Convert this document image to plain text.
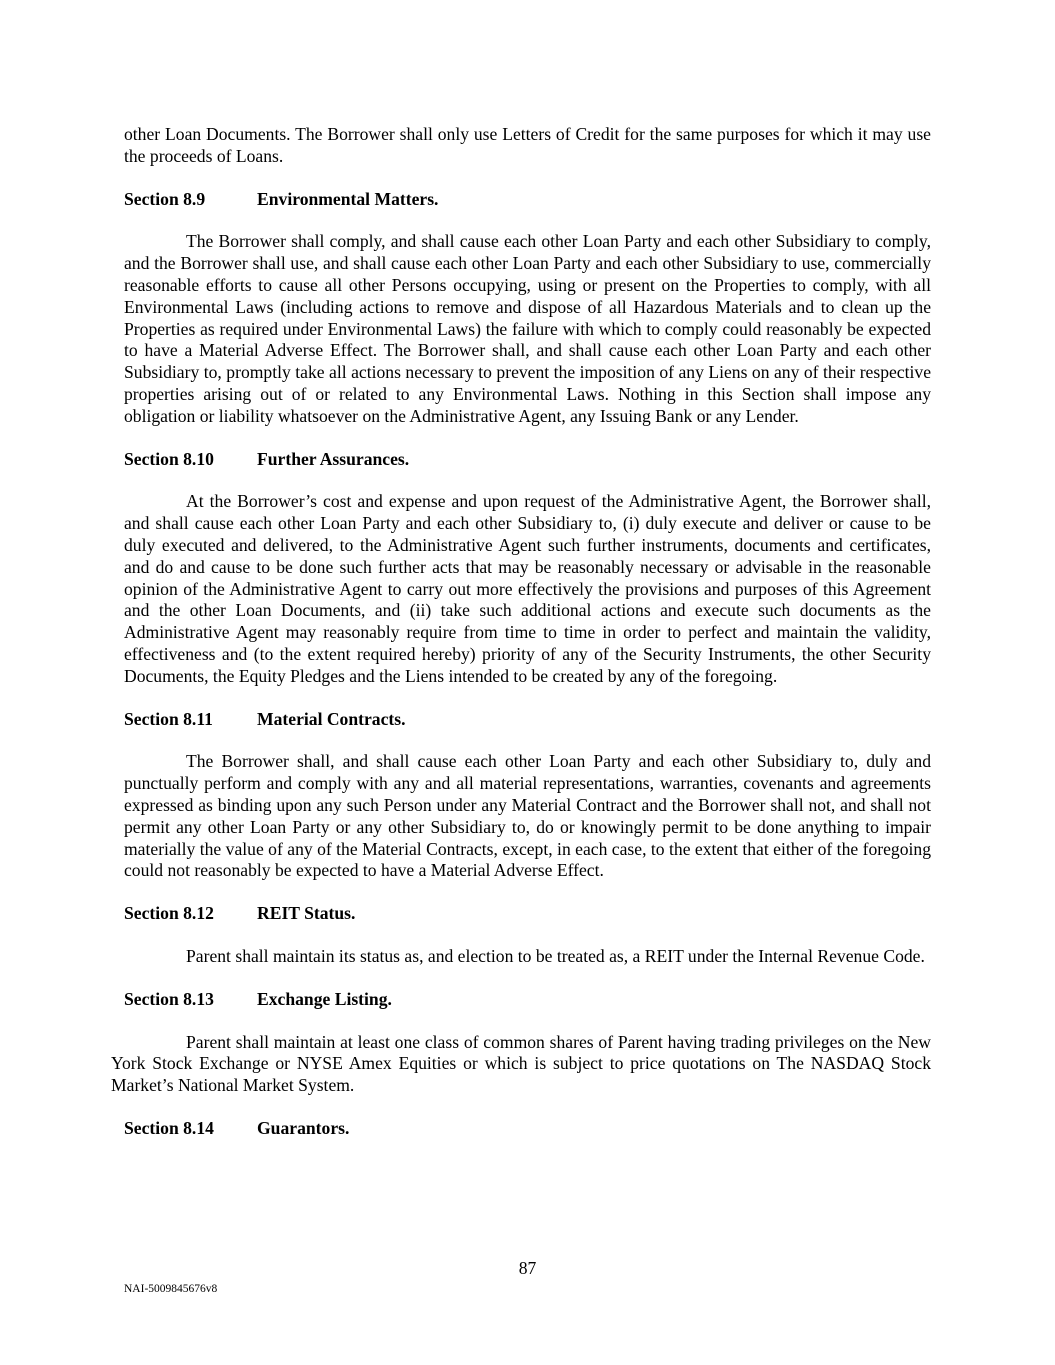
other Loan Documents. The Borrower shall only use Letters of Credit for the same purposes for which it may use the proceeds of Loans.

Section 8.9	Environmental Matters.

The Borrower shall comply, and shall cause each other Loan Party and each other Subsidiary to comply, and the Borrower shall use, and shall cause each other Loan Party and each other Subsidiary to use, commercially reasonable efforts to cause all other Persons occupying, using or present on the Properties to comply, with all Environmental Laws (including actions to remove and dispose of all Hazardous Materials and to clean up the Properties as required under Environmental Laws) the failure with which to comply could reasonably be expected to have a Material Adverse Effect. The Borrower shall, and shall cause each other Loan Party and each other Subsidiary to, promptly take all actions necessary to prevent the imposition of any Liens on any of their respective properties arising out of or related to any Environmental Laws. Nothing in this Section shall impose any obligation or liability whatsoever on the Administrative Agent, any Issuing Bank or any Lender.

Section 8.10	Further Assurances.

At the Borrower’s cost and expense and upon request of the Administrative Agent, the Borrower shall, and shall cause each other Loan Party and each other Subsidiary to, (i) duly execute and deliver or cause to be duly executed and delivered, to the Administrative Agent such further instruments, documents and certificates, and do and cause to be done such further acts that may be reasonably necessary or advisable in the reasonable opinion of the Administrative Agent to carry out more effectively the provisions and purposes of this Agreement and the other Loan Documents, and (ii) take such additional actions and execute such documents as the Administrative Agent may reasonably require from time to time in order to perfect and maintain the validity, effectiveness and (to the extent required hereby) priority of any of the Security Instruments, the other Security Documents, the Equity Pledges and the Liens intended to be created by any of the foregoing.

Section 8.11	Material Contracts.

The Borrower shall, and shall cause each other Loan Party and each other Subsidiary to, duly and punctually perform and comply with any and all material representations, warranties, covenants and agreements expressed as binding upon any such Person under any Material Contract and the Borrower shall not, and shall not permit any other Loan Party or any other Subsidiary to, do or knowingly permit to be done anything to impair materially the value of any of the Material Contracts, except, in each case, to the extent that either of the foregoing could not reasonably be expected to have a Material Adverse Effect.

Section 8.12	REIT Status.

Parent shall maintain its status as, and election to be treated as, a REIT under the Internal Revenue Code.

Section 8.13	Exchange Listing.

Parent shall maintain at least one class of common shares of Parent having trading privileges on the New York Stock Exchange or NYSE Amex Equities or which is subject to price quotations on The NASDAQ Stock Market’s National Market System.

Section 8.14	Guarantors.
87
NAI-5009845676v8
